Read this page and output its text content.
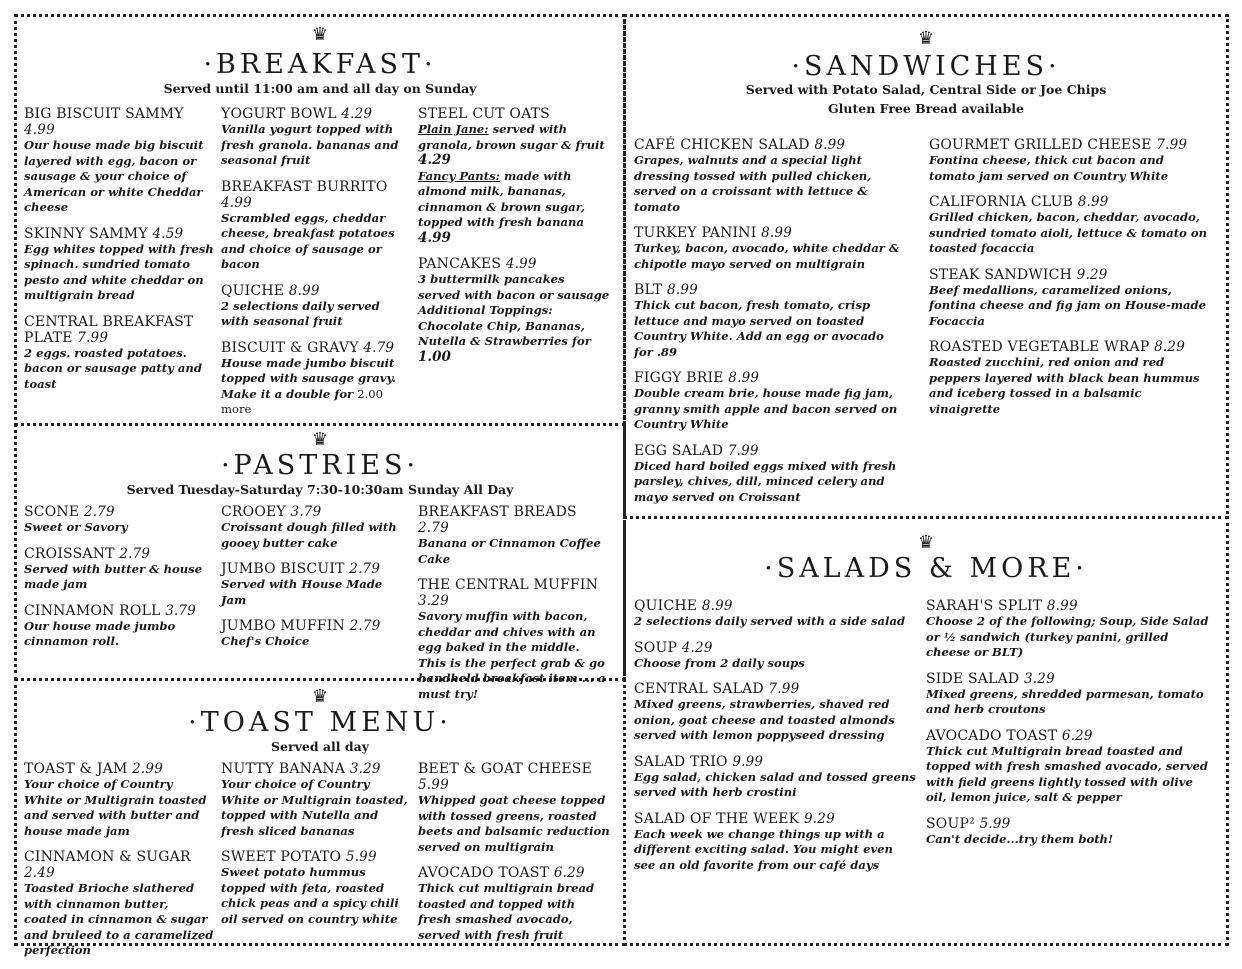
♛
·BREAKFAST·
Served until 11:00 am and all day on Sunday
BIG BISCUIT SAMMY 4.99
Our house made big biscuit layered with egg, bacon or sausage & your choice of American or white Cheddar cheese
SKINNY SAMMY 4.59
Egg whites topped with fresh spinach. sundried tomato pesto and white cheddar on multigrain bread
CENTRAL BREAKFAST PLATE 7.99
2 eggs. roasted potatoes. bacon or sausage patty and toast
YOGURT BOWL 4.29
Vanilla yogurt topped with fresh granola. bananas and seasonal fruit
BREAKFAST BURRITO 4.99
Scrambled eggs, cheddar cheese, breakfast potatoes and choice of sausage or bacon
QUICHE 8.99
2 selections daily served with seasonal fruit
BISCUIT & GRAVY 4.79
House made jumbo biscuit topped with sausage gravy. Make it a double for 2.00 more
STEEL CUT OATS
Plain Jane: served with granola, brown sugar & fruit 4.29
Fancy Pants: made with almond milk, bananas, cinnamon & brown sugar, topped with fresh banana 4.99
PANCAKES 4.99
3 buttermilk pancakes served with bacon or sausage
Additional Toppings: Chocolate Chip, Bananas, Nutella & Strawberries for 1.00
♛
·PASTRIES·
Served Tuesday-Saturday 7:30-10:30am Sunday All Day
SCONE 2.79
Sweet or Savory
CROISSANT 2.79
Served with butter & house made jam
CINNAMON ROLL 3.79
Our house made jumbo cinnamon roll.
CROOEY 3.79
Croissant dough filled with gooey butter cake
JUMBO BISCUIT 2.79
Served with House Made Jam
JUMBO MUFFIN 2.79
Chef's Choice
BREAKFAST BREADS 2.79
Banana or Cinnamon Coffee Cake
THE CENTRAL MUFFIN 3.29
Savory muffin with bacon, cheddar and chives with an egg baked in the middle. This is the perfect grab & go handheld breakfast item ... a must try!
♛
·TOAST MENU·
Served all day
TOAST & JAM 2.99
Your choice of Country White or Multigrain toasted and served with butter and house made jam
CINNAMON & SUGAR 2.49
Toasted Brioche slathered with cinnamon butter, coated in cinnamon & sugar and bruleed to a caramelized perfection
NUTTY BANANA 3.29
Your choice of Country White or Multigrain toasted, topped with Nutella and fresh sliced bananas
SWEET POTATO 5.99
Sweet potato hummus topped with feta, roasted chick peas and a spicy chili oil served on country white
BEET & GOAT CHEESE 5.99
Whipped goat cheese topped with tossed greens, roasted beets and balsamic reduction served on multigrain
AVOCADO TOAST 6.29
Thick cut multigrain bread toasted and topped with fresh smashed avocado, served with fresh fruit
♛
·SANDWICHES·
Served with Potato Salad, Central Side or Joe Chips
Gluten Free Bread available
CAFÉ CHICKEN SALAD 8.99
Grapes, walnuts and a special light dressing tossed with pulled chicken, served on a croissant with lettuce & tomato
TURKEY PANINI 8.99
Turkey, bacon, avocado, white cheddar & chipotle mayo served on multigrain
BLT 8.99
Thick cut bacon, fresh tomato, crisp lettuce and mayo served on toasted Country White. Add an egg or avocado for .89
FIGGY BRIE 8.99
Double cream brie, house made fig jam, granny smith apple and bacon served on Country White
EGG SALAD 7.99
Diced hard boiled eggs mixed with fresh parsley, chives, dill, minced celery and mayo served on Croissant
GOURMET GRILLED CHEESE 7.99
Fontina cheese, thick cut bacon and tomato jam served on Country White
CALIFORNIA CLUB 8.99
Grilled chicken, bacon, cheddar, avocado, sundried tomato aioli, lettuce & tomato on toasted focaccia
STEAK SANDWICH 9.29
Beef medallions, caramelized onions, fontina cheese and fig jam on House-made Focaccia
ROASTED VEGETABLE WRAP 8.29
Roasted zucchini, red onion and red peppers layered with black bean hummus and iceberg tossed in a balsamic vinaigrette
♛
·SALADS & MORE·
QUICHE 8.99
2 selections daily served with a side salad
SOUP 4.29
Choose from 2 daily soups
CENTRAL SALAD 7.99
Mixed greens, strawberries, shaved red onion, goat cheese and toasted almonds served with lemon poppyseed dressing
SALAD TRIO 9.99
Egg salad, chicken salad and tossed greens served with herb crostini
SALAD OF THE WEEK 9.29
Each week we change things up with a different exciting salad. You might even see an old favorite from our café days
SARAH'S SPLIT 8.99
Choose 2 of the following; Soup, Side Salad or ½ sandwich (turkey panini, grilled cheese or BLT)
SIDE SALAD 3.29
Mixed greens, shredded parmesan, tomato and herb croutons
AVOCADO TOAST 6.29
Thick cut Multigrain bread toasted and topped with fresh smashed avocado, served with field greens lightly tossed with olive oil, lemon juice, salt & pepper
SOUP² 5.99
Can't decide...try them both!
